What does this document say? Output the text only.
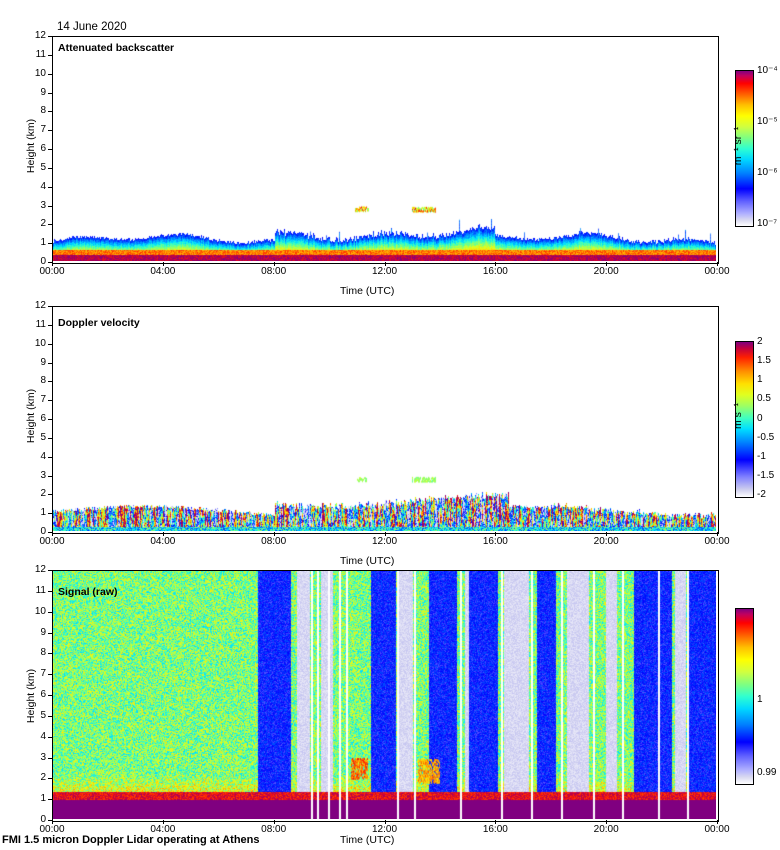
14 June 2020
Attenuated backscatter
Height (km)
Time (UTC)
m⁻¹ sr⁻¹
Doppler velocity
Height (km)
Time (UTC)
m s⁻¹
Signal (raw)
Height (km)
Time (UTC)
FMI 1.5 micron Doppler Lidar operating at Athens
0
1
2
3
4
5
6
7
8
9
10
11
12
00:00	04:00	08:00	12:00	16:00	20:00	00:00
0
1
2
3
4
5
6
7
8
9
10
11
12
00:00	04:00	08:00	12:00	16:00	20:00	00:00
0
1
2
3
4
5
6
7
8
9
10
11
12
00:00	04:00	08:00	12:00	16:00	20:00	00:00
10⁻⁴
10⁻⁵
10⁻⁶
10⁻⁷
2
1.5
1
0.5
0
-0.5
-1
-1.5
-2
1
0.99
